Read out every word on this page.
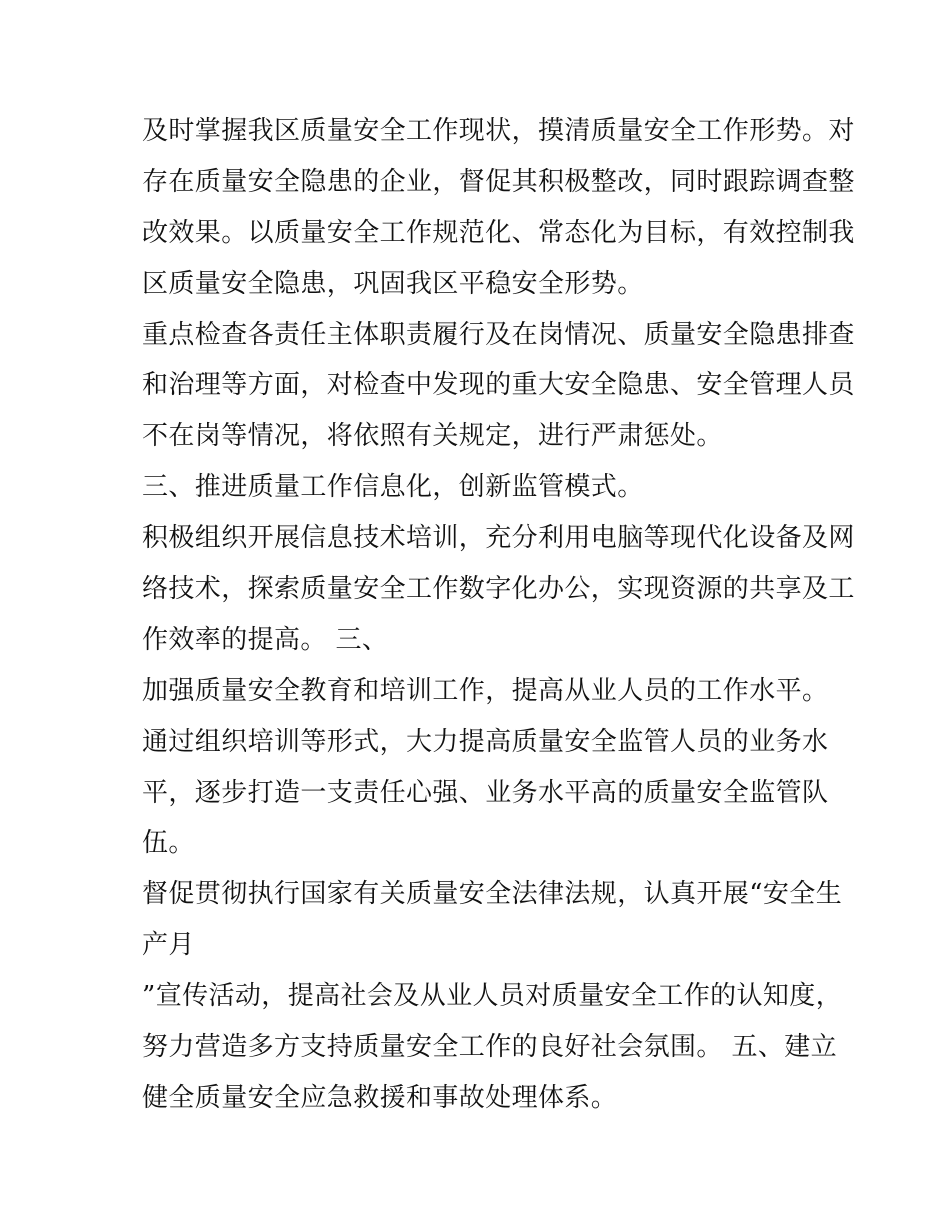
及时掌握我区质量安全工作现状，摸清质量安全工作形势。对
存在质量安全隐患的企业，督促其积极整改，同时跟踪调查整
改效果。以质量安全工作规范化、常态化为目标，有效控制我
区质量安全隐患，巩固我区平稳安全形势。
重点检查各责任主体职责履行及在岗情况、质量安全隐患排查
和治理等方面，对检查中发现的重大安全隐患、安全管理人员
不在岗等情况，将依照有关规定，进行严肃惩处。
三、推进质量工作信息化，创新监管模式。
积极组织开展信息技术培训，充分利用电脑等现代化设备及网
络技术，探索质量安全工作数字化办公，实现资源的共享及工
作效率的提高。 三、
加强质量安全教育和培训工作，提高从业人员的工作水平。
通过组织培训等形式，大力提高质量安全监管人员的业务水
平，逐步打造一支责任心强、业务水平高的质量安全监管队
伍。
督促贯彻执行国家有关质量安全法律法规，认真开展“安全生
产月
”宣传活动，提高社会及从业人员对质量安全工作的认知度，
努力营造多方支持质量安全工作的良好社会氛围。 五、建立
健全质量安全应急救援和事故处理体系。
